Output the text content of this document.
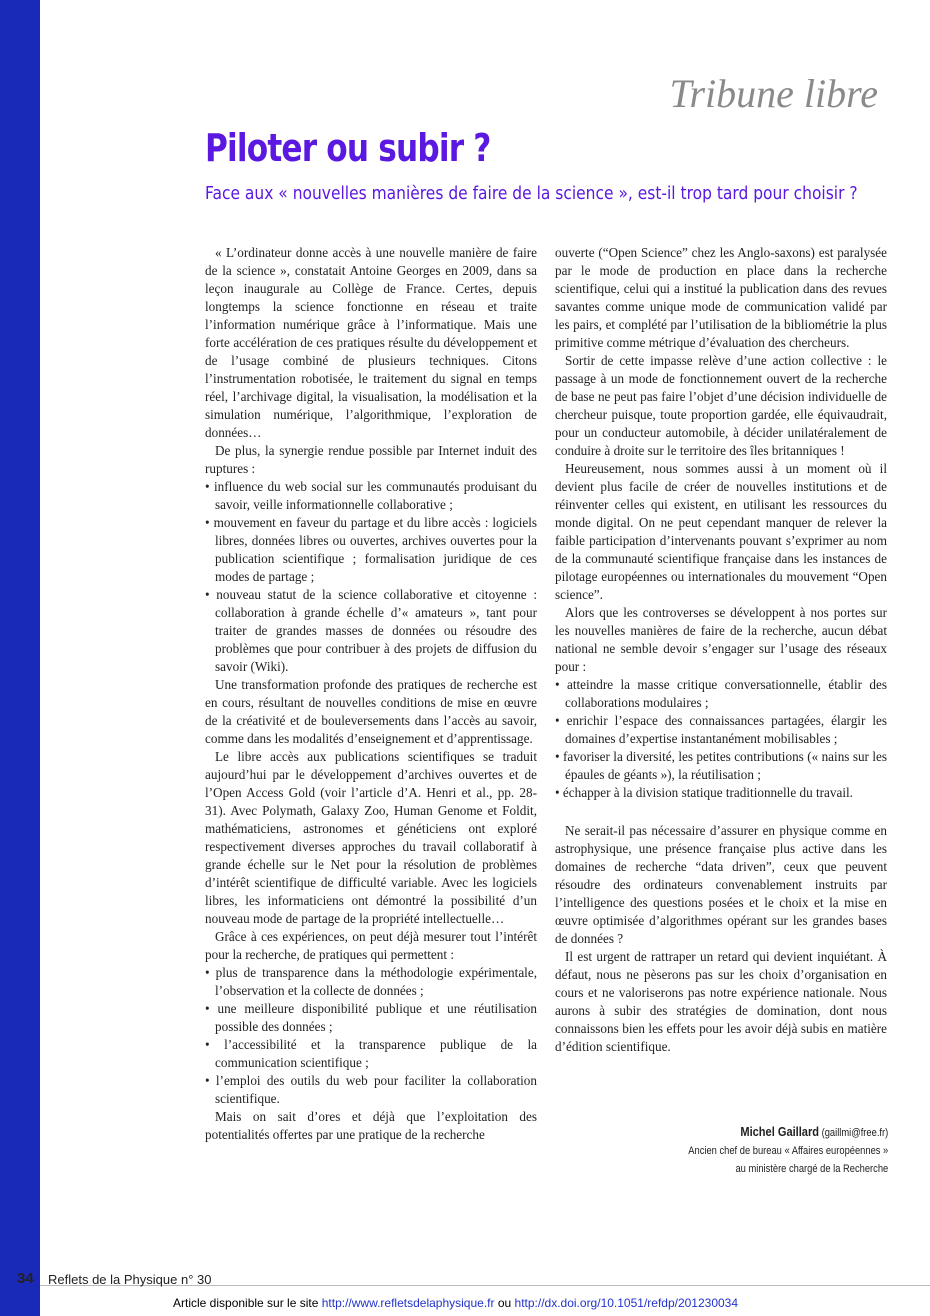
Tribune libre
Piloter ou subir ?
Face aux « nouvelles manières de faire de la science », est-il trop tard pour choisir ?

« L’ordinateur donne accès à une nouvelle manière de faire de la science », constatait Antoine Georges en 2009, dans sa leçon inaugurale au Collège de France. Certes, depuis longtemps la science fonctionne en réseau et traite l’information numérique grâce à l’informatique. Mais une forte accélération de ces pratiques résulte du développement et de l’usage combiné de plusieurs techniques. Citons l’instrumentation robotisée, le traitement du signal en temps réel, l’archivage digital, la visualisation, la modélisation et la simulation numérique, l’algorithmique, l’exploration de données…

De plus, la synergie rendue possible par Internet induit des ruptures :

• influence du web social sur les communautés produisant du savoir, veille informationnelle collaborative ;
• mouvement en faveur du partage et du libre accès : logiciels libres, données libres ou ouvertes, archives ouvertes pour la publication scientifique ; formalisation juridique de ces modes de partage ;
• nouveau statut de la science collaborative et citoyenne : collaboration à grande échelle d’« amateurs », tant pour traiter de grandes masses de données ou résoudre des problèmes que pour contribuer à des projets de diffusion du savoir (Wiki).

Une transformation profonde des pratiques de recherche est en cours, résultant de nouvelles conditions de mise en œuvre de la créativité et de bouleversements dans l’accès au savoir, comme dans les modalités d’enseignement et d’apprentissage.

Le libre accès aux publications scientifiques se traduit aujourd’hui par le développement d’archives ouvertes et de l’Open Access Gold (voir l’article d’A. Henri et al., pp. 28-31). Avec Polymath, Galaxy Zoo, Human Genome et Foldit, mathématiciens, astronomes et généticiens ont exploré respectivement diverses approches du travail collaboratif à grande échelle sur le Net pour la résolution de problèmes d’intérêt scientifique de difficulté variable. Avec les logiciels libres, les informaticiens ont démontré la possibilité d’un nouveau mode de partage de la propriété intellectuelle…

Grâce à ces expériences, on peut déjà mesurer tout l’intérêt pour la recherche, de pratiques qui permettent :

• plus de transparence dans la méthodologie expérimentale, l’observation et la collecte de données ;
• une meilleure disponibilité publique et une réutilisation possible des données ;
• l’accessibilité et la transparence publique de la communication scientifique ;
• l’emploi des outils du web pour faciliter la collaboration scientifique.

Mais on sait d’ores et déjà que l’exploitation des potentialités offertes par une pratique de la recherche

ouverte (“Open Science” chez les Anglo-saxons) est paralysée par le mode de production en place dans la recherche scientifique, celui qui a institué la publication dans des revues savantes comme unique mode de communication validé par les pairs, et complété par l’utilisation de la bibliométrie la plus primitive comme métrique d’évaluation des chercheurs.

Sortir de cette impasse relève d’une action collective : le passage à un mode de fonctionnement ouvert de la recherche de base ne peut pas faire l’objet d’une décision individuelle de chercheur puisque, toute proportion gardée, elle équivaudrait, pour un conducteur automobile, à décider unilatéralement de conduire à droite sur le territoire des îles britanniques !

Heureusement, nous sommes aussi à un moment où il devient plus facile de créer de nouvelles institutions et de réinventer celles qui existent, en utilisant les ressources du monde digital. On ne peut cependant manquer de relever la faible participation d’intervenants pouvant s’exprimer au nom de la communauté scientifique française dans les instances de pilotage européennes ou internationales du mouvement “Open science”.

Alors que les controverses se développent à nos portes sur les nouvelles manières de faire de la recherche, aucun débat national ne semble devoir s’engager sur l’usage des réseaux pour :

• atteindre la masse critique conversationnelle, établir des collaborations modulaires ;
• enrichir l’espace des connaissances partagées, élargir les domaines d’expertise instantanément mobilisables ;
• favoriser la diversité, les petites contributions (« nains sur les épaules de géants »), la réutilisation ;
• échapper à la division statique traditionnelle du travail.

Ne serait-il pas nécessaire d’assurer en physique comme en astrophysique, une présence française plus active dans les domaines de recherche “data driven”, ceux que peuvent résoudre des ordinateurs convenablement instruits par l’intelligence des questions posées et le choix et la mise en œuvre optimisée d’algorithmes opérant sur les grandes bases de données ?

Il est urgent de rattraper un retard qui devient inquiétant. À défaut, nous ne pèserons pas sur les choix d’organisation en cours et ne valoriserons pas notre expérience nationale. Nous aurons à subir des stratégies de domination, dont nous connaissons bien les effets pour les avoir déjà subis en matière d’édition scientifique.

Michel Gaillard (gaillmi@free.fr)
Ancien chef de bureau « Affaires européennes »
au ministère chargé de la Recherche
34 Reflets de la Physique n° 30
Article disponible sur le site http://www.refletsdelaphysique.fr ou http://dx.doi.org/10.1051/refdp/201230034
